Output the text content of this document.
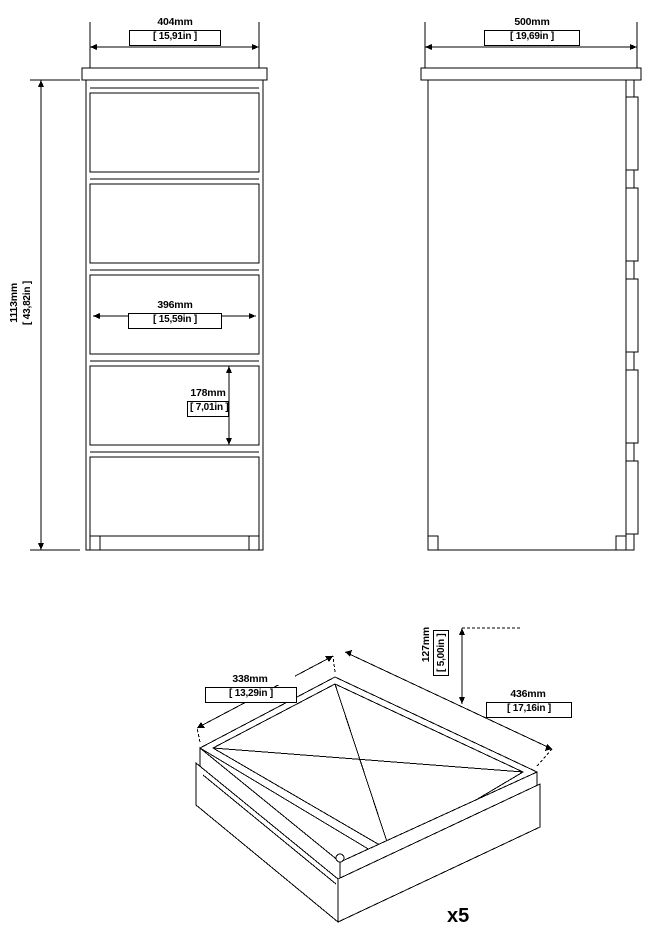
404mm
[ 15,91in ]
1113mm [ 43,82in ]	396mm
[ 15,59in ]
178mm
[ 7,01in ]
500mm
[ 19,69in ]
338mm
[ 13,29in ]	436mm
[ 17,16in ]
127mm [ 5,00in ]
x5
